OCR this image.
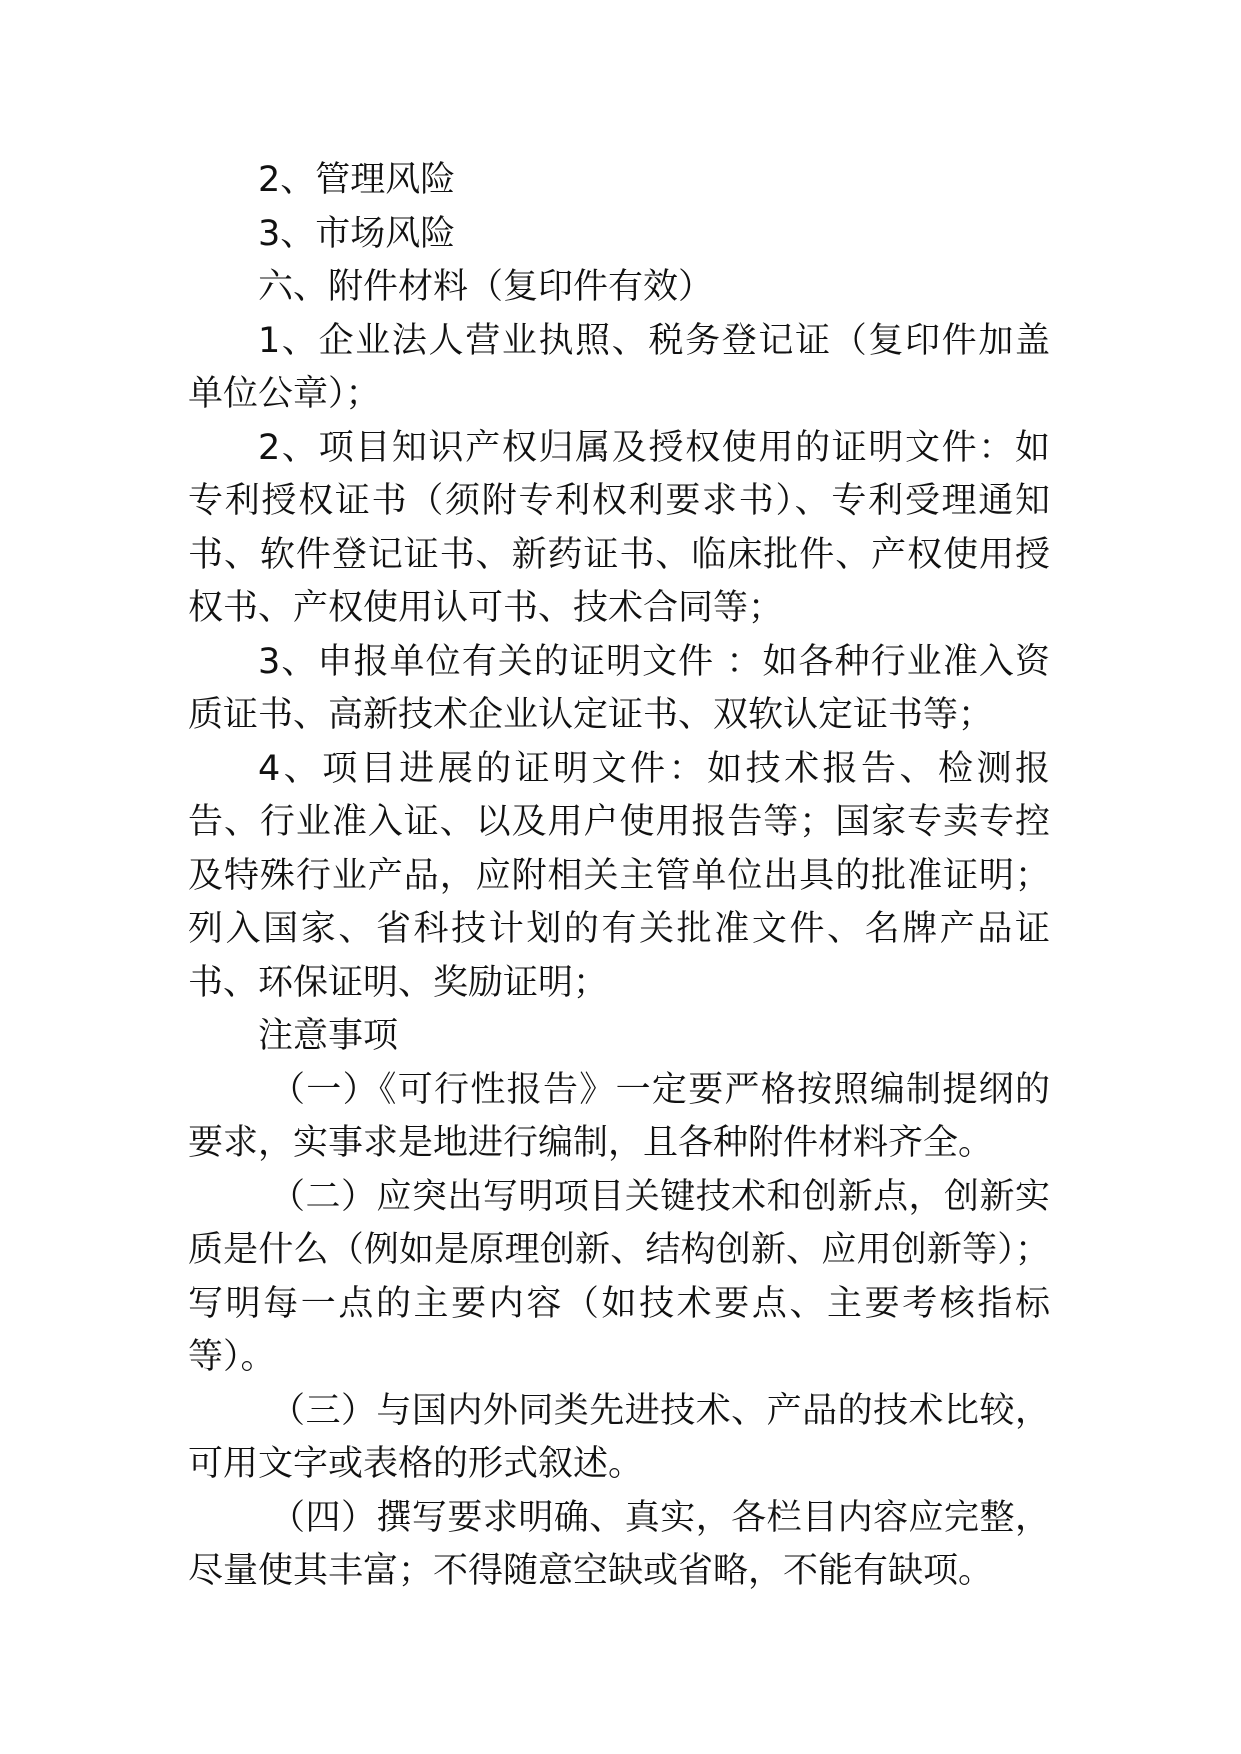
2、管理风险

3、市场风险

六、附件材料（复印件有效）

1、企业法人营业执照、税务登记证（复印件加盖单位公章）；

2、项目知识产权归属及授权使用的证明文件：如专利授权证书（须附专利权利要求书）、专利受理通知书、软件登记证书、新药证书、临床批件、产权使用授权书、产权使用认可书、技术合同等；

3、申报单位有关的证明文件 ：如各种行业准入资质证书、高新技术企业认定证书、双软认定证书等；

4、项目进展的证明文件：如技术报告、检测报告、行业准入证、以及用户使用报告等；国家专卖专控及特殊行业产品，应附相关主管单位出具的批准证明；列入国家、省科技计划的有关批准文件、名牌产品证书、环保证明、奖励证明；

注意事项

（一）《可行性报告》一定要严格按照编制提纲的要求，实事求是地进行编制，且各种附件材料齐全。

（二）应突出写明项目关键技术和创新点，创新实质是什么（例如是原理创新、结构创新、应用创新等）；写明每一点的主要内容（如技术要点、主要考核指标等）。

（三）与国内外同类先进技术、产品的技术比较，可用文字或表格的形式叙述。

（四）撰写要求明确、真实，各栏目内容应完整，尽量使其丰富；不得随意空缺或省略，不能有缺项。
